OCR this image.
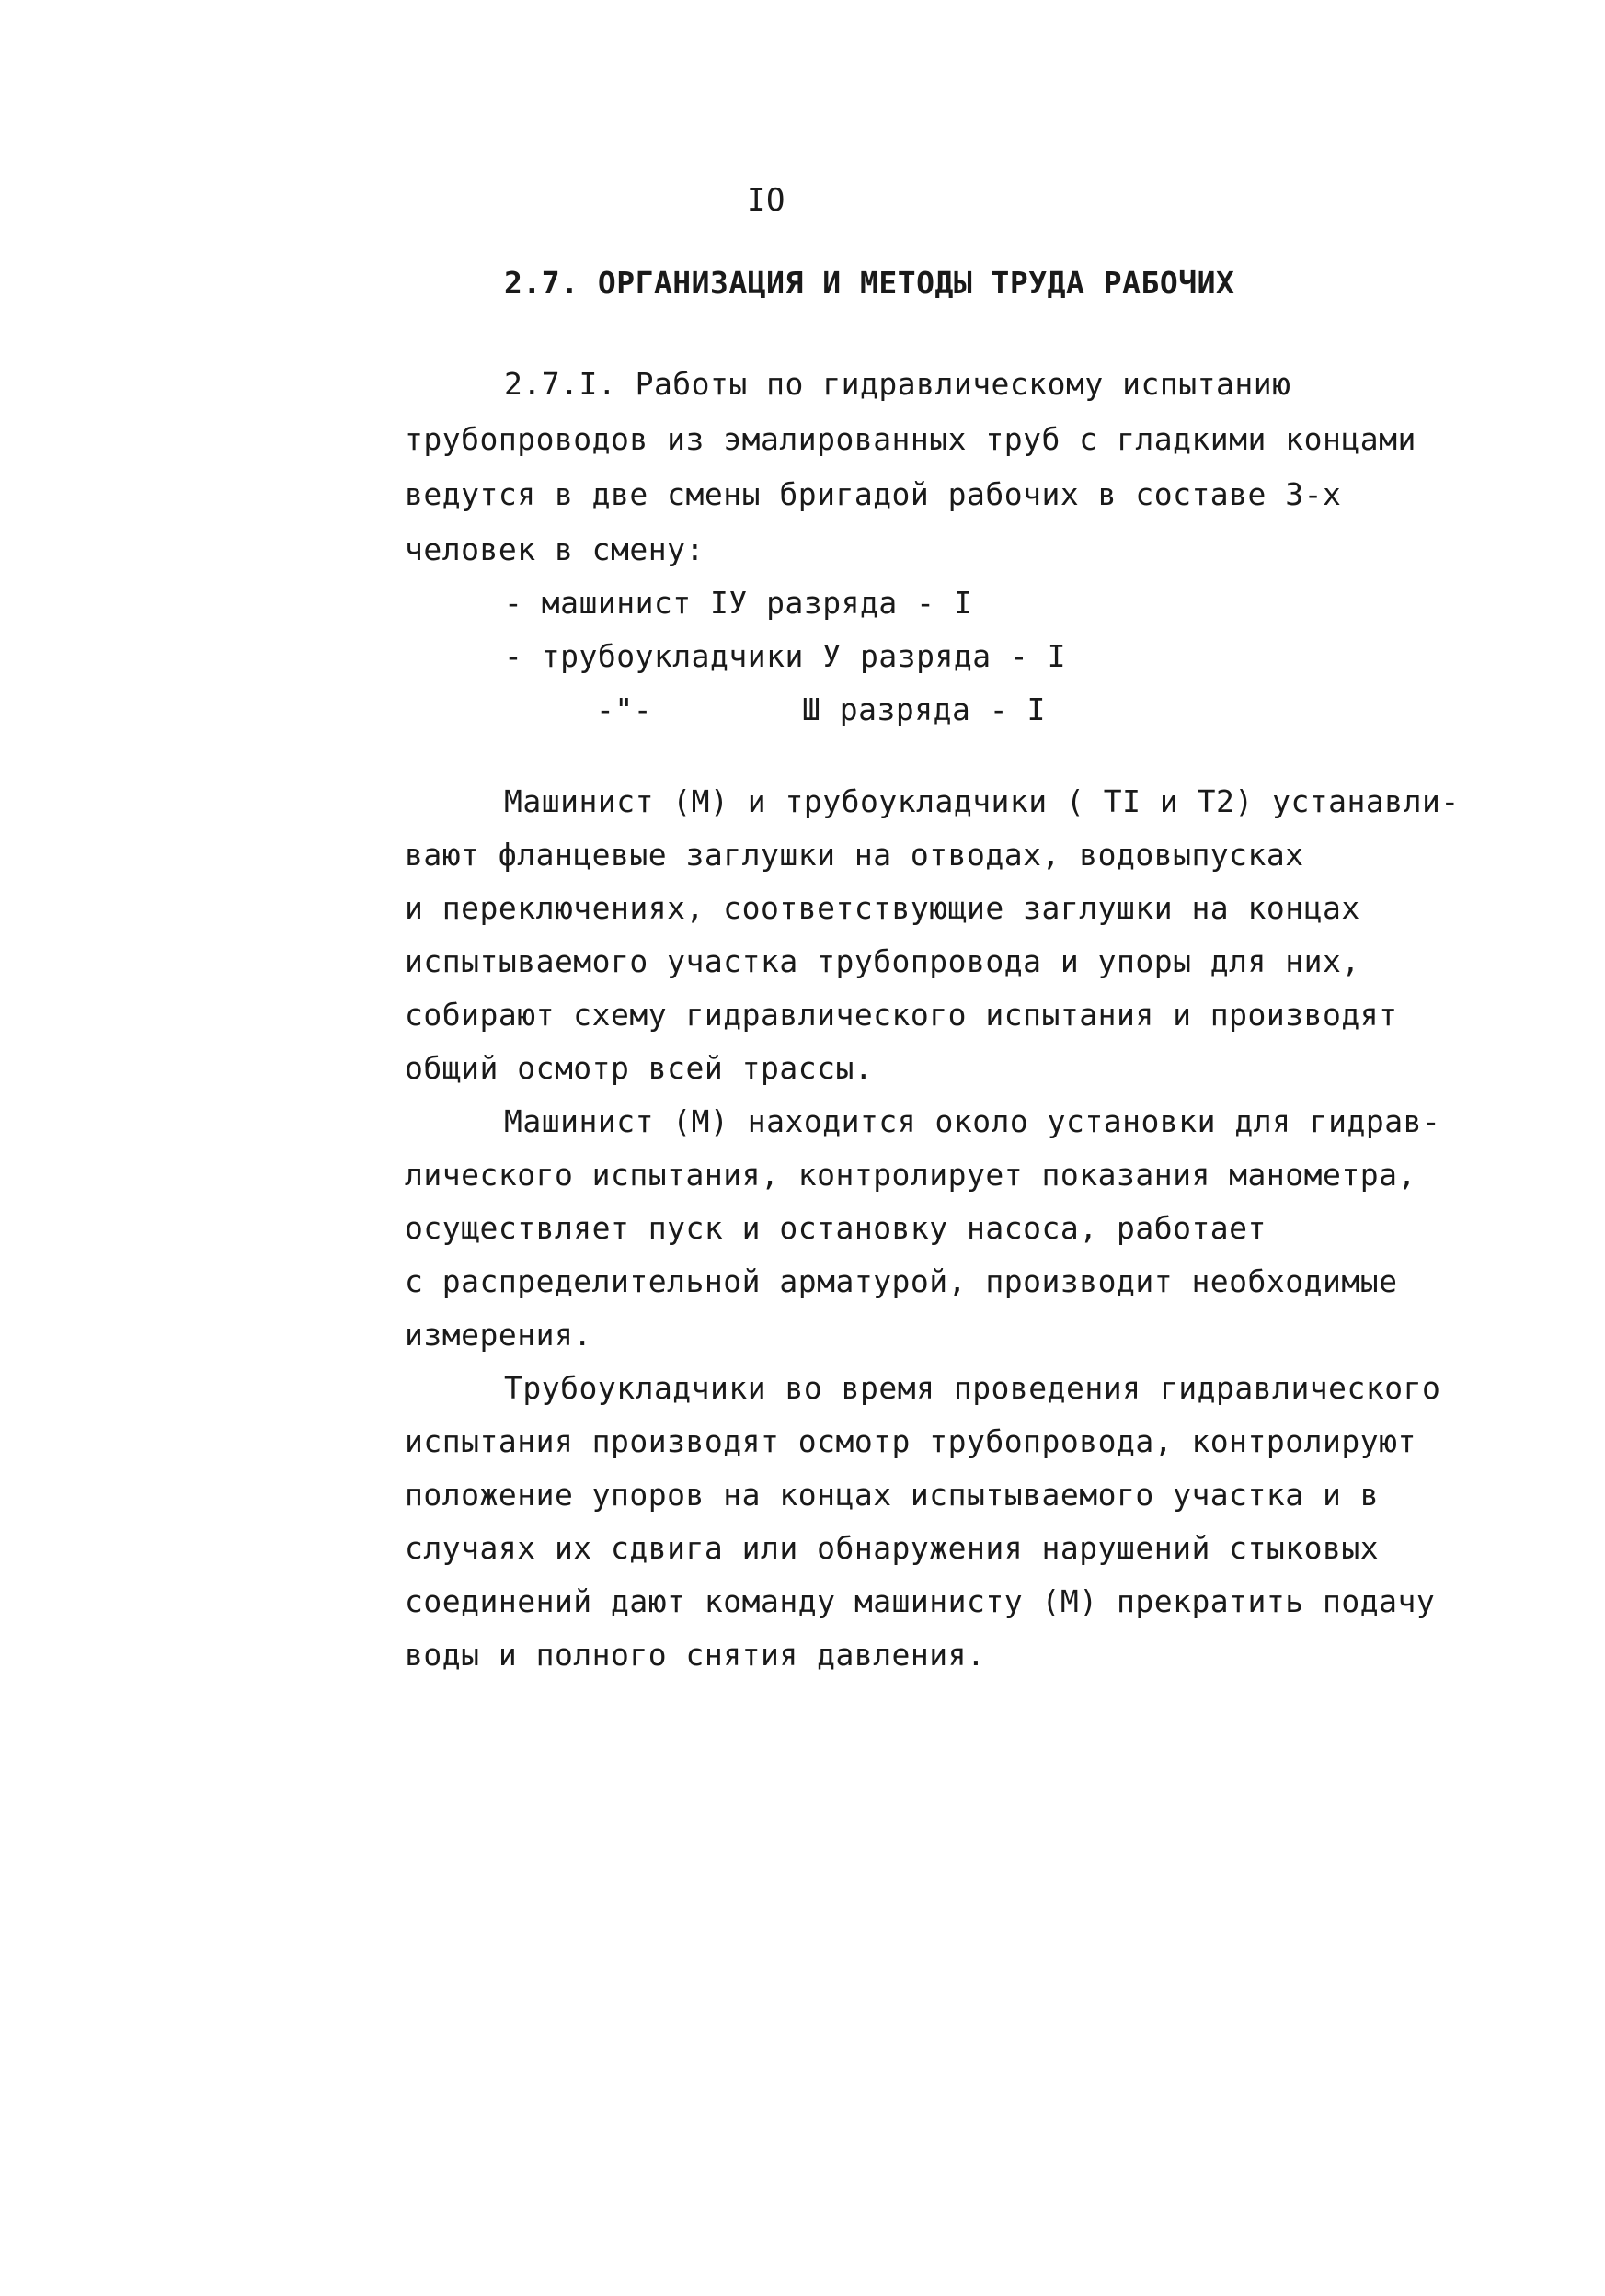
IO
2.7. ОРГАНИЗАЦИЯ И МЕТОДЫ ТРУДА РАБОЧИХ
2.7.I. Работы по гидравлическому испытанию
трубопроводов из эмалированных труб с гладкими концами
ведутся в две смены бригадой рабочих в составе 3-х
человек в смену:
- машинист IУ разряда - I
- трубоукладчики У разряда - I
-"-        Ш разряда - I
Машинист (М) и трубоукладчики ( TI и T2) устанавли-
вают фланцевые заглушки на отводах, водовыпусках
и переключениях, соответствующие заглушки на концах
испытываемого участка трубопровода и упоры для них,
собирают схему гидравлического испытания и производят
общий осмотр всей трассы.
Машинист (М) находится около установки для гидрав-
лического испытания, контролирует показания манометра,
осуществляет пуск и остановку насоса, работает
с распределительной арматурой, производит необходимые
измерения.
Трубоукладчики во время проведения гидравлического
испытания производят осмотр трубопровода, контролируют
положение упоров на концах испытываемого участка и в
случаях их сдвига или обнаружения нарушений стыковых
соединений дают команду машинисту (М) прекратить подачу
воды и полного снятия давления.
